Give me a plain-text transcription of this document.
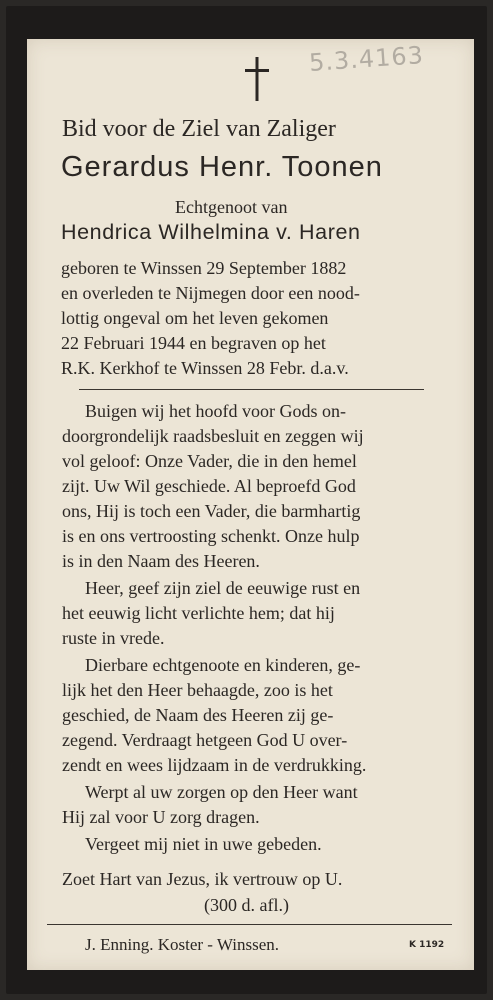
5.3.4163
Bid voor de Ziel van Zaliger
Gerardus Henr. Toonen
Echtgenoot van
Hendrica Wilhelmina v. Haren
geboren te Winssen 29 September 1882
en overleden te Nijmegen door een nood-
lottig ongeval om het leven gekomen
22 Februari 1944 en begraven op het
R.K. Kerkhof te Winssen 28 Febr. d.a.v.
Buigen wij het hoofd voor Gods on-
doorgrondelijk raadsbesluit en zeggen wij
vol geloof: Onze Vader, die in den hemel
zijt. Uw Wil geschiede. Al beproefd God
ons, Hij is toch een Vader, die barmhartig
is en ons vertroosting schenkt. Onze hulp
is in den Naam des Heeren.
Heer, geef zijn ziel de eeuwige rust en
het eeuwig licht verlichte hem; dat hij
ruste in vrede.
Dierbare echtgenoote en kinderen, ge-
lijk het den Heer behaagde, zoo is het
geschied, de Naam des Heeren zij ge-
zegend. Verdraagt hetgeen God U over-
zendt en wees lijdzaam in de verdrukking.
Werpt al uw zorgen op den Heer want
Hij zal voor U zorg dragen.
Vergeet mij niet in uwe gebeden.
Zoet Hart van Jezus, ik vertrouw op U.
(300 d. afl.)
J. Enning. Koster - Winssen.	K 1192
